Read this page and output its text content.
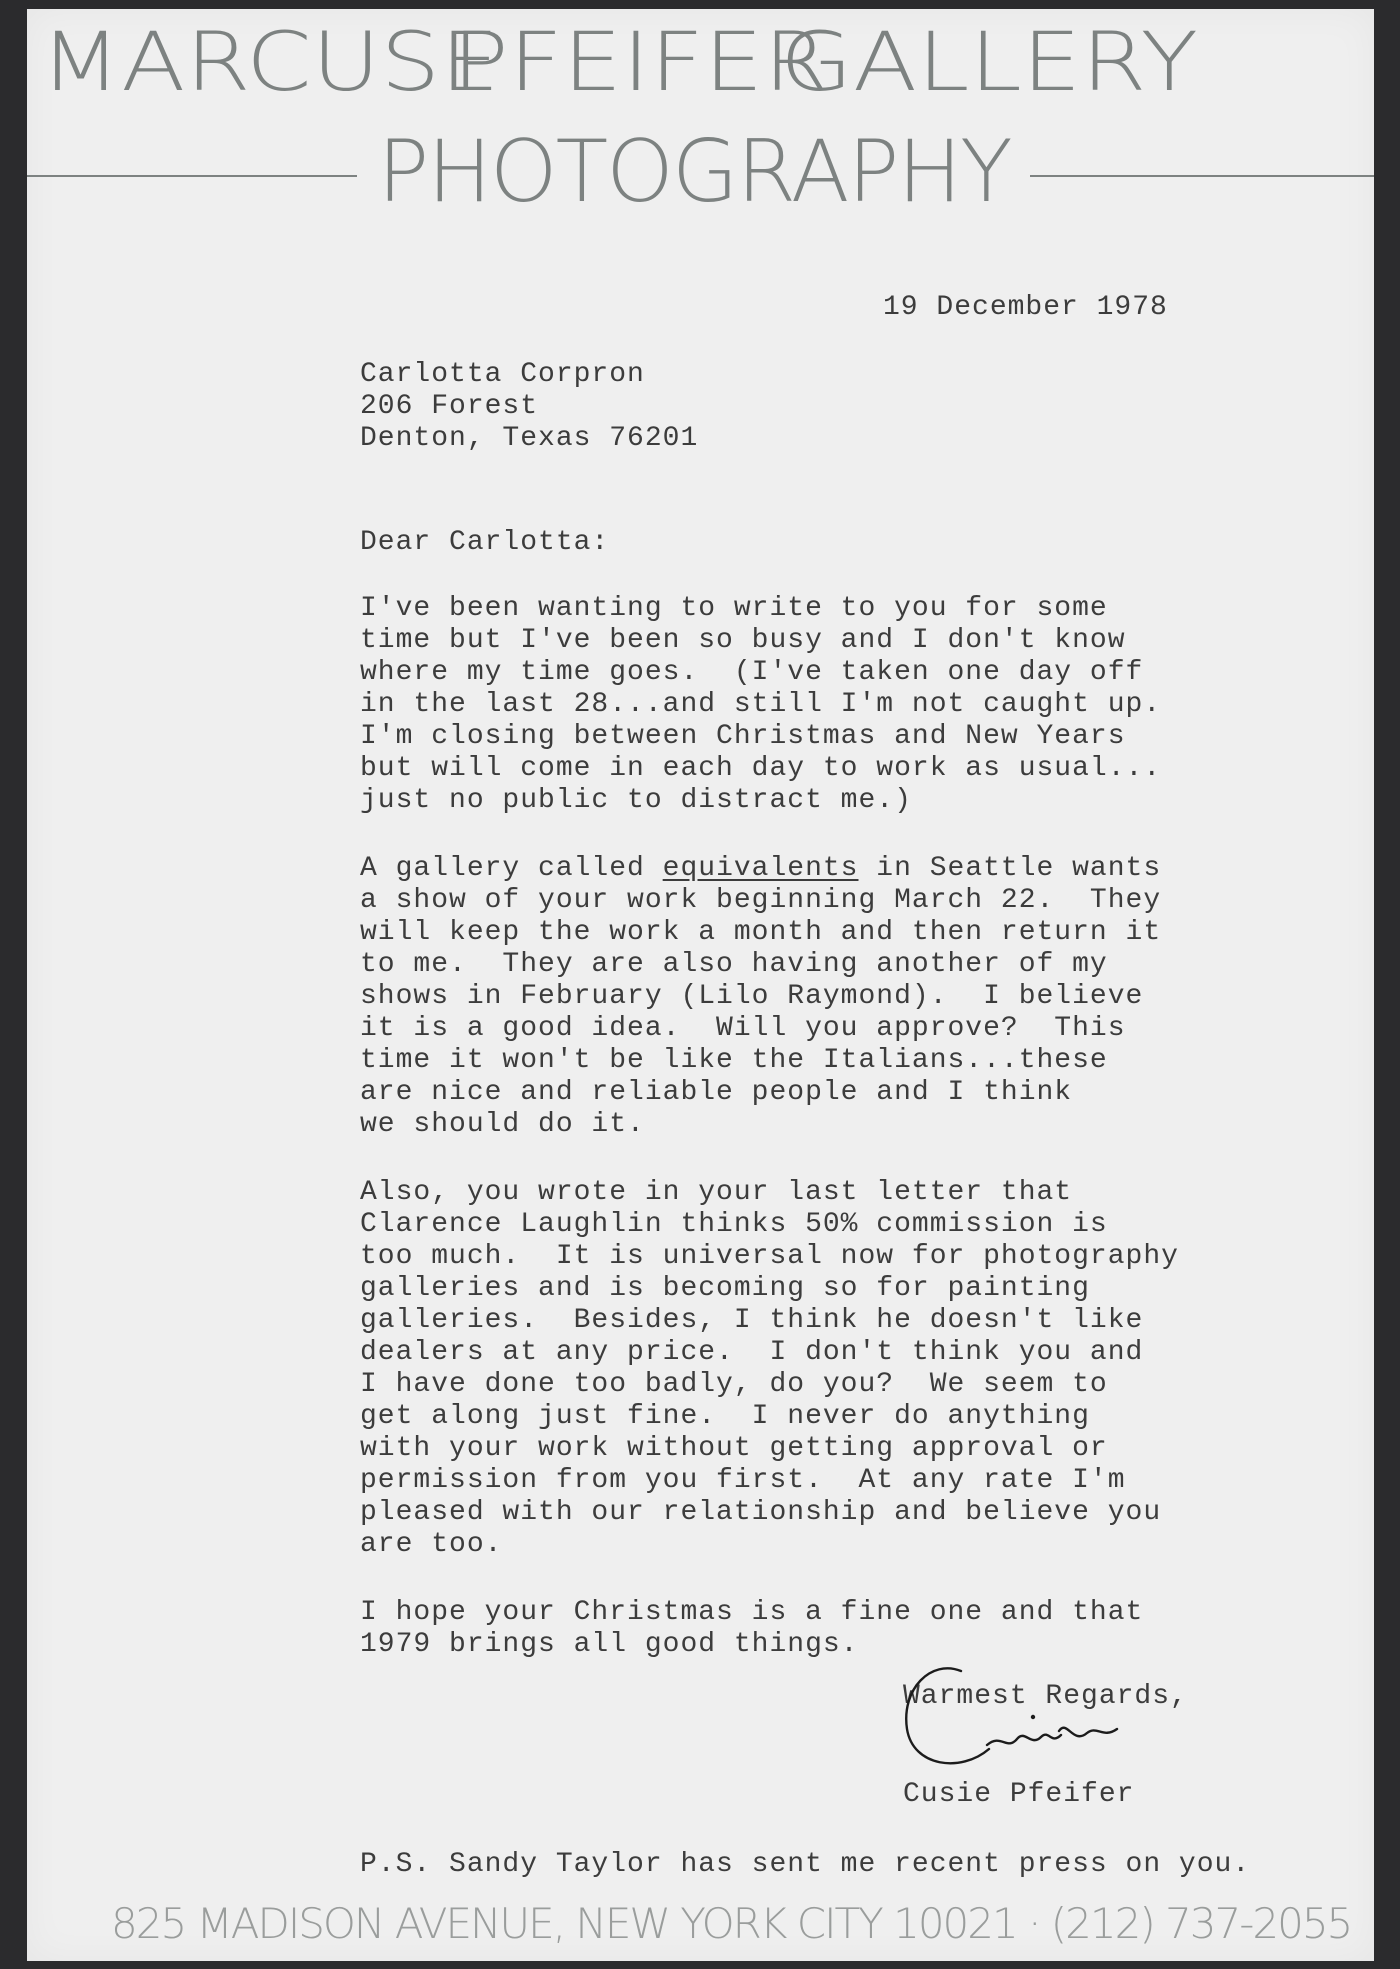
MARCUSE
PFEIFER
GALLERY
PHOTOGRAPHY
19 December 1978
Carlotta Corpron
206 Forest
Denton, Texas 76201
Dear Carlotta:
I've been wanting to write to you for some
time but I've been so busy and I don't know
where my time goes.  (I've taken one day off
in the last 28...and still I'm not caught up.
I'm closing between Christmas and New Years
but will come in each day to work as usual...
just no public to distract me.)
A gallery called equivalents in Seattle wants
a show of your work beginning March 22.  They
will keep the work a month and then return it
to me.  They are also having another of my
shows in February (Lilo Raymond).  I believe
it is a good idea.  Will you approve?  This
time it won't be like the Italians...these
are nice and reliable people and I think
we should do it.
Also, you wrote in your last letter that
Clarence Laughlin thinks 50% commission is
too much.  It is universal now for photography
galleries and is becoming so for painting
galleries.  Besides, I think he doesn't like
dealers at any price.  I don't think you and
I have done too badly, do you?  We seem to
get along just fine.  I never do anything
with your work without getting approval or
permission from you first.  At any rate I'm
pleased with our relationship and believe you
are too.
I hope your Christmas is a fine one and that
1979 brings all good things.
Warmest Regards,
Cusie Pfeifer
P.S. Sandy Taylor has sent me recent press on you.
825 MADISON AVENUE, NEW YORK CITY 10021 · (212) 737-2055
